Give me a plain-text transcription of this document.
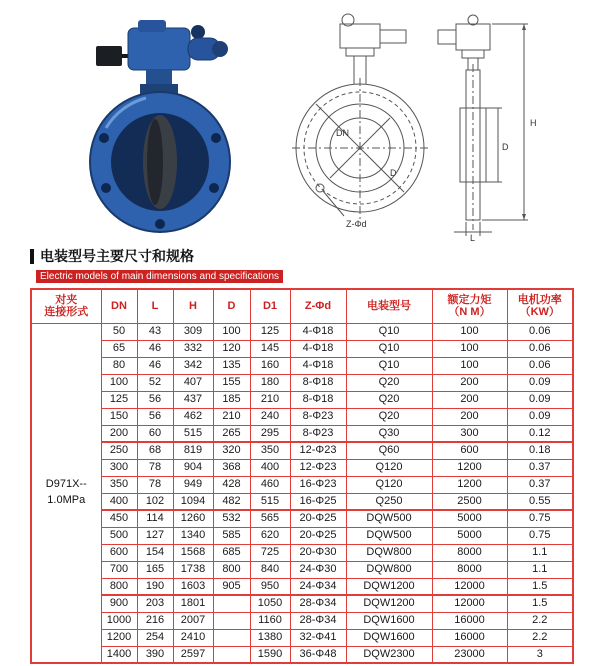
DN
D
Z-Φd
H
D
L
电装型号主要尺寸和规格
Electric models of main dimensions and specifications
对夹
连接形式	DN	L	H	D	D1	Z-Φd	电装型号	额定力矩
（N M）	电机功率
（KW）
D971X--
1.0MPa	50	43	309	100	125	4-Φ18	Q10	100	0.06
	65	46	332	120	145	4-Φ18	Q10	100	0.06
	80	46	342	135	160	4-Φ18	Q10	100	0.06
	100	52	407	155	180	8-Φ18	Q20	200	0.09
	125	56	437	185	210	8-Φ18	Q20	200	0.09
	150	56	462	210	240	8-Φ23	Q20	200	0.09
	200	60	515	265	295	8-Φ23	Q30	300	0.12
	250	68	819	320	350	12-Φ23	Q60	600	0.18
	300	78	904	368	400	12-Φ23	Q120	1200	0.37
	350	78	949	428	460	16-Φ23	Q120	1200	0.37
	400	102	1094	482	515	16-Φ25	Q250	2500	0.55
	450	114	1260	532	565	20-Φ25	DQW500	5000	0.75
	500	127	1340	585	620	20-Φ25	DQW500	5000	0.75
	600	154	1568	685	725	20-Φ30	DQW800	8000	1.1
	700	165	1738	800	840	24-Φ30	DQW800	8000	1.1
	800	190	1603	905	950	24-Φ34	DQW1200	12000	1.5
	900	203	1801		1050	28-Φ34	DQW1200	12000	1.5
	1000	216	2007		1160	28-Φ34	DQW1600	16000	2.2
	1200	254	2410		1380	32-Φ41	DQW1600	16000	2.2
	1400	390	2597		1590	36-Φ48	DQW2300	23000	3
